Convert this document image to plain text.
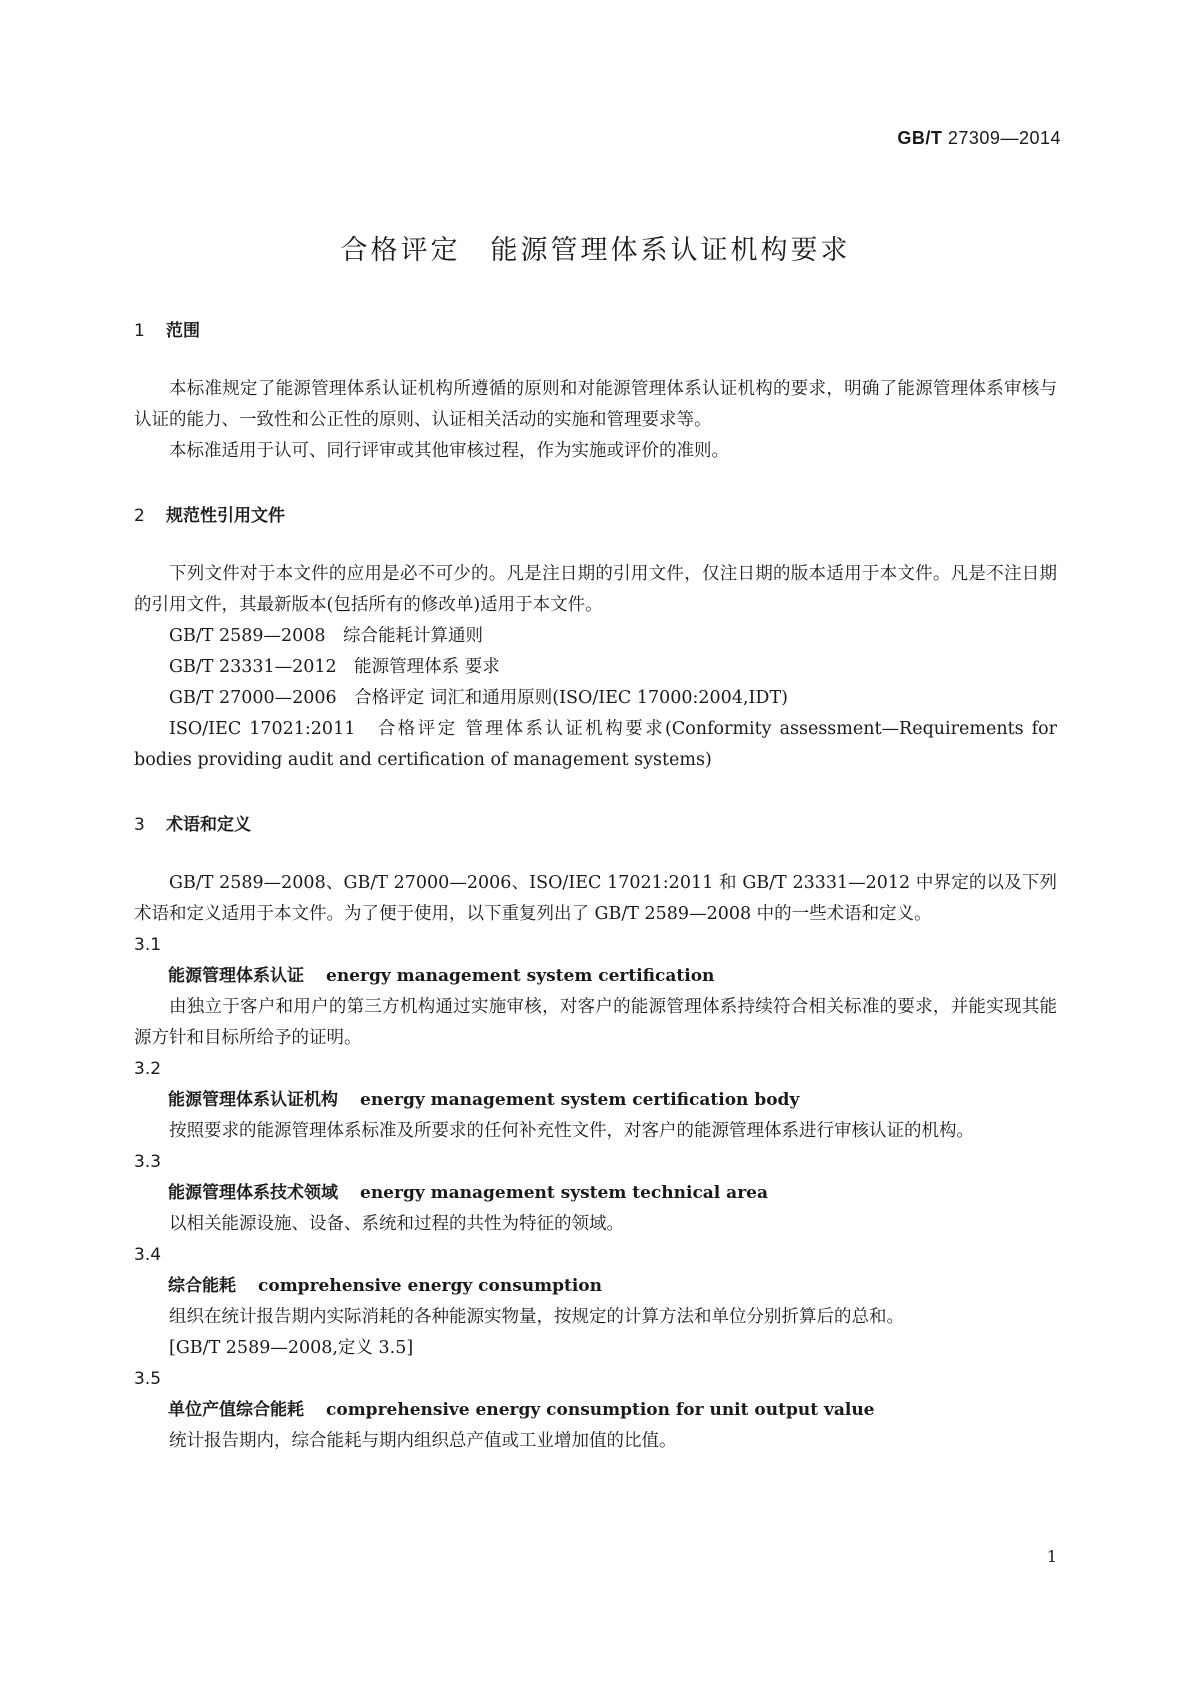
GB/T 27309—2014
合格评定　能源管理体系认证机构要求
1 范围

本标准规定了能源管理体系认证机构所遵循的原则和对能源管理体系认证机构的要求，明确了能源管理体系审核与认证的能力、一致性和公正性的原则、认证相关活动的实施和管理要求等。

本标准适用于认可、同行评审或其他审核过程，作为实施或评价的准则。

2 规范性引用文件

下列文件对于本文件的应用是必不可少的。凡是注日期的引用文件，仅注日期的版本适用于本文件。凡是不注日期的引用文件，其最新版本(包括所有的修改单)适用于本文件。

GB/T 2589—2008　综合能耗计算通则

GB/T 23331—2012　能源管理体系 要求

GB/T 27000—2006　合格评定 词汇和通用原则(ISO/IEC 17000:2004,IDT)

ISO/IEC 17021:2011　合格评定 管理体系认证机构要求(Conformity assessment—Requirements for bodies providing audit and certification of management systems)

3 术语和定义

GB/T 2589—2008、GB/T 27000—2006、ISO/IEC 17021:2011 和 GB/T 23331—2012 中界定的以及下列术语和定义适用于本文件。为了便于使用，以下重复列出了 GB/T 2589—2008 中的一些术语和定义。

3.1
能源管理体系认证 energy management system certification

由独立于客户和用户的第三方机构通过实施审核，对客户的能源管理体系持续符合相关标准的要求，并能实现其能源方针和目标所给予的证明。

3.2
能源管理体系认证机构 energy management system certification body

按照要求的能源管理体系标准及所要求的任何补充性文件，对客户的能源管理体系进行审核认证的机构。

3.3
能源管理体系技术领域 energy management system technical area

以相关能源设施、设备、系统和过程的共性为特征的领域。

3.4
综合能耗 comprehensive energy consumption

组织在统计报告期内实际消耗的各种能源实物量，按规定的计算方法和单位分别折算后的总和。

[GB/T 2589—2008,定义 3.5]
3.5
单位产值综合能耗 comprehensive energy consumption for unit output value

统计报告期内，综合能耗与期内组织总产值或工业增加值的比值。

1
